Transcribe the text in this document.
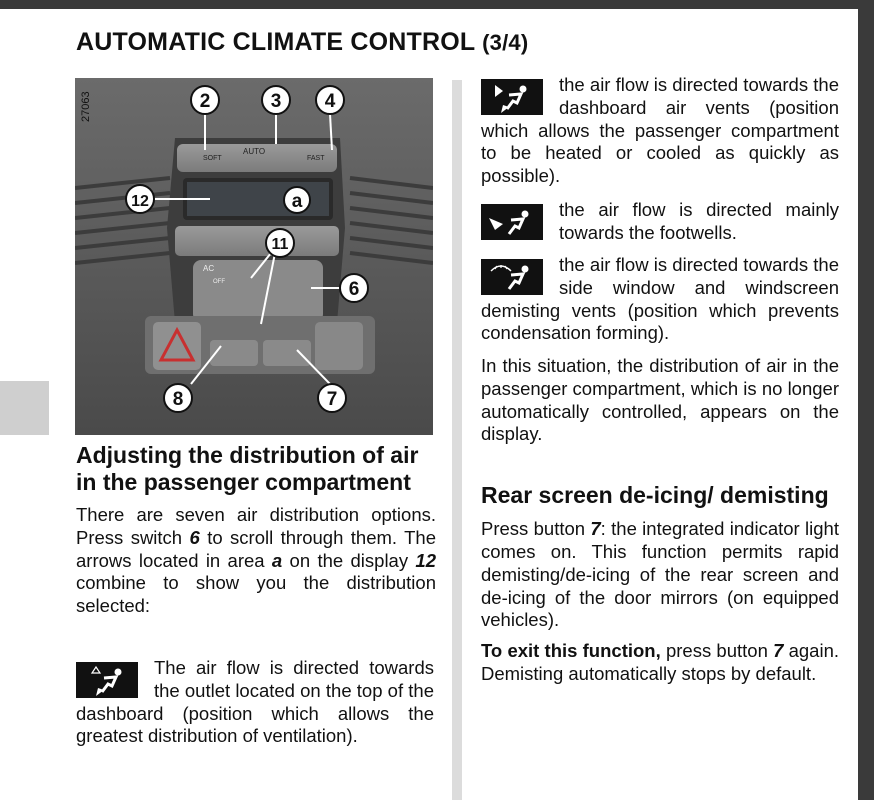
AUTOMATIC CLIMATE CONTROL (3/4)
SOFT
AUTO
FAST
AC
OFF
27063	2	3 4
12	a
11
6
8	7
Adjusting the distribution of air in the passenger compartment

There are seven air distribution options. Press switch 6 to scroll through them. The arrows located in area a on the display 12 combine to show you the distribution selected:

The air flow is directed towards the outlet located on the top of the dashboard (position which allows the greatest distribution of ventilation).
the air flow is directed towards the dashboard air vents (position which allows the passenger compartment to be heated or cooled as quickly as possible).
the air flow is directed mainly towards the footwells.
the air flow is directed towards the side window and windscreen demisting vents (position which prevents condensation forming).

In this situation, the distribution of air in the passenger compartment, which is no longer automatically controlled, appears on the display.

Rear screen de-icing/ demisting

Press button 7: the integrated indicator light comes on. This function permits rapid demisting/de-icing of the rear screen and de-icing of the door mirrors (on equipped vehicles).

To exit this function, press button 7 again. Demisting automatically stops by default.
